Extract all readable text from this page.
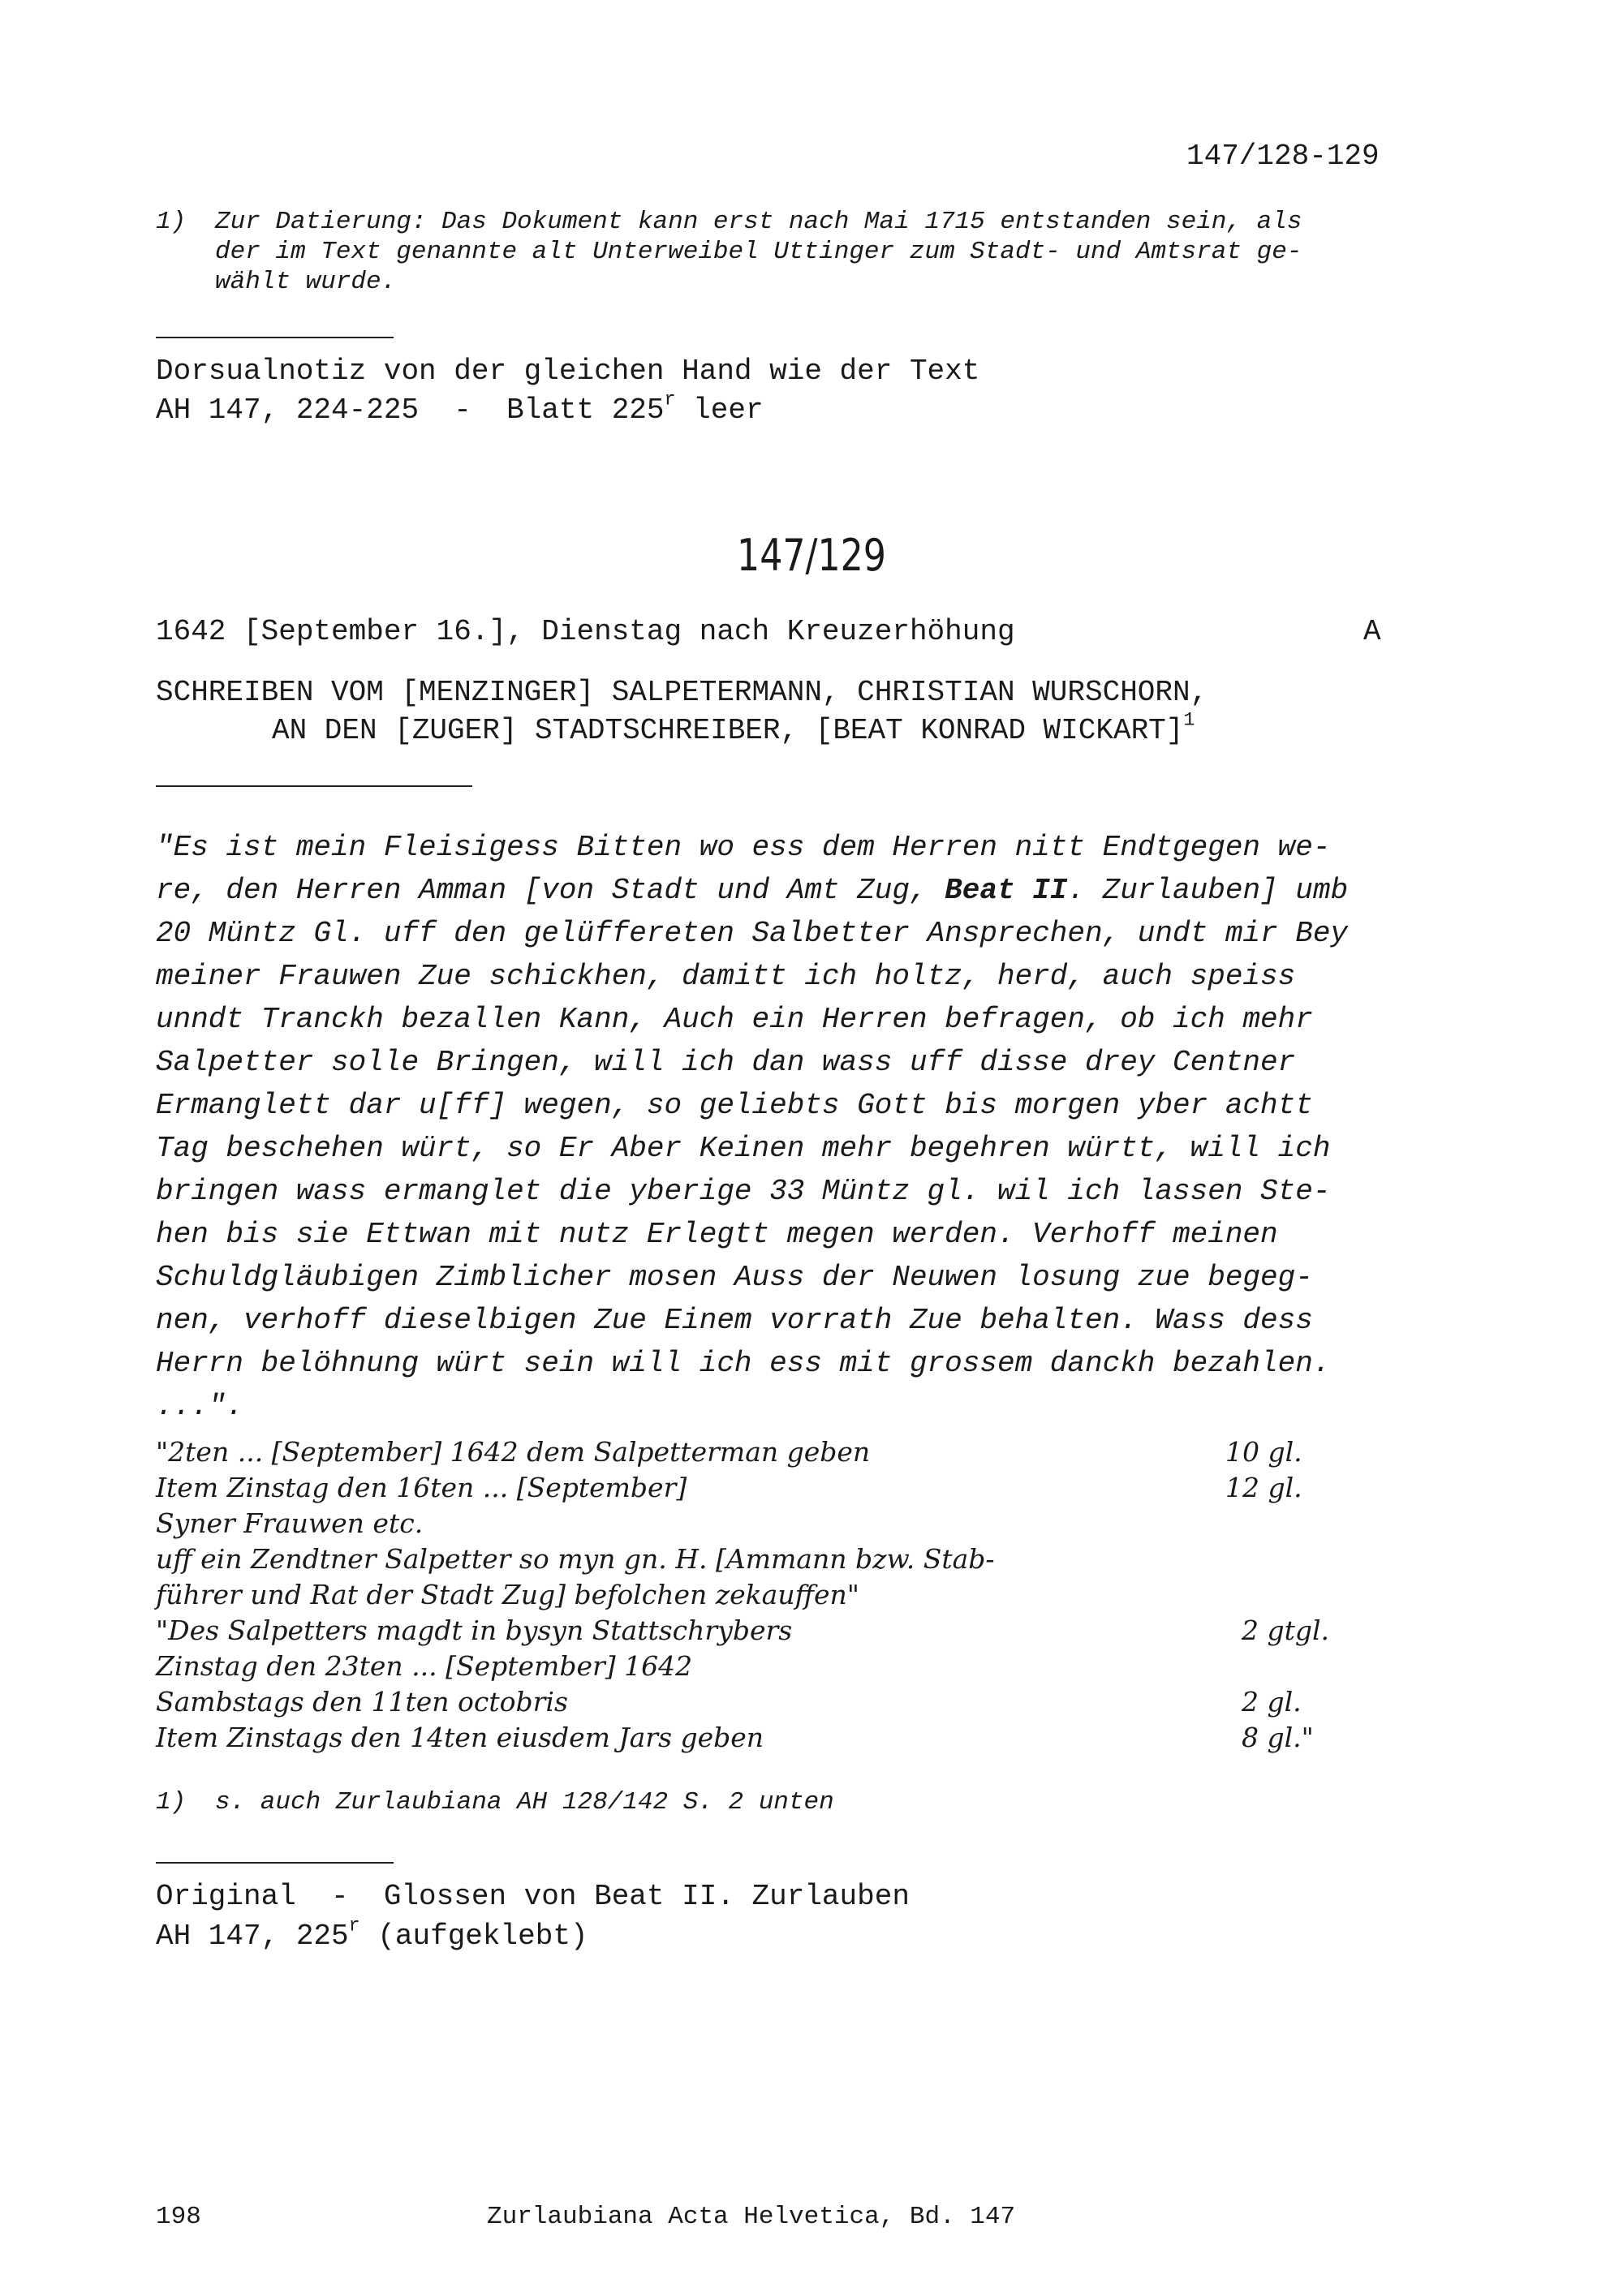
147/128-129
1) Zur Datierung: Das Dokument kann erst nach Mai 1715 entstanden sein, als
der im Text genannte alt Unterweibel Uttinger zum Stadt- und Amtsrat ge-
wählt wurde.
Dorsualnotiz von der gleichen Hand wie der Text
AH 147, 224-225  -  Blatt 225$^r$ leer
147/129
1642 [September 16.], Dienstag nach Kreuzerhöhung	A
SCHREIBEN VOM [MENZINGER] SALPETERMANN, CHRISTIAN WURSCHORN,
AN DEN [ZUGER] STADTSCHREIBER, [BEAT KONRAD WICKART]$^1$
"Es ist mein Fleisigess Bitten wo ess dem Herren nitt Endtgegen we-
re, den Herren Amman [von Stadt und Amt Zug, Beat II. Zurlauben] umb
20 Müntz Gl. uff den gelüffereten Salbetter Ansprechen, undt mir Bey
meiner Frauwen Zue schickhen, damitt ich holtz, herd, auch speiss
unndt Tranckh bezallen Kann, Auch ein Herren befragen, ob ich mehr
Salpetter solle Bringen, will ich dan wass uff disse drey Centner
Ermanglett dar u[ff] wegen, so geliebts Gott bis morgen yber achtt
Tag beschehen würt, so Er Aber Keinen mehr begehren württ, will ich
bringen wass ermanglet die yberige 33 Müntz gl. wil ich lassen Ste-
hen bis sie Ettwan mit nutz Erlegtt megen werden. Verhoff meinen
Schuldgläubigen Zimblicher mosen Auss der Neuwen losung zue begeg-
nen, verhoff dieselbigen Zue Einem vorrath Zue behalten. Wass dess
Herrn belöhnung würt sein will ich ess mit grossem danckh bezahlen.
...".
"2ten ... [September] 1642 dem Salpetterman geben	10 gl.
Item Zinstag den 16ten ... [September]	12 gl.
Syner Frauwen etc.
uff ein Zendtner Salpetter so myn gn. H. [Ammann bzw. Stab-
führer und Rat der Stadt Zug] befolchen zekauffen"
"Des Salpetters magdt in bysyn Stattschrybers	2 gtgl.
Zinstag den 23ten ... [September] 1642
Sambstags den 11ten octobris	2 gl.
Item Zinstags den 14ten eiusdem Jars geben	8 gl."
1) s. auch Zurlaubiana AH 128/142 S. 2 unten
Original  -  Glossen von Beat II. Zurlauben
AH 147, 225$^r$ (aufgeklebt)
198	Zurlaubiana Acta Helvetica, Bd. 147
